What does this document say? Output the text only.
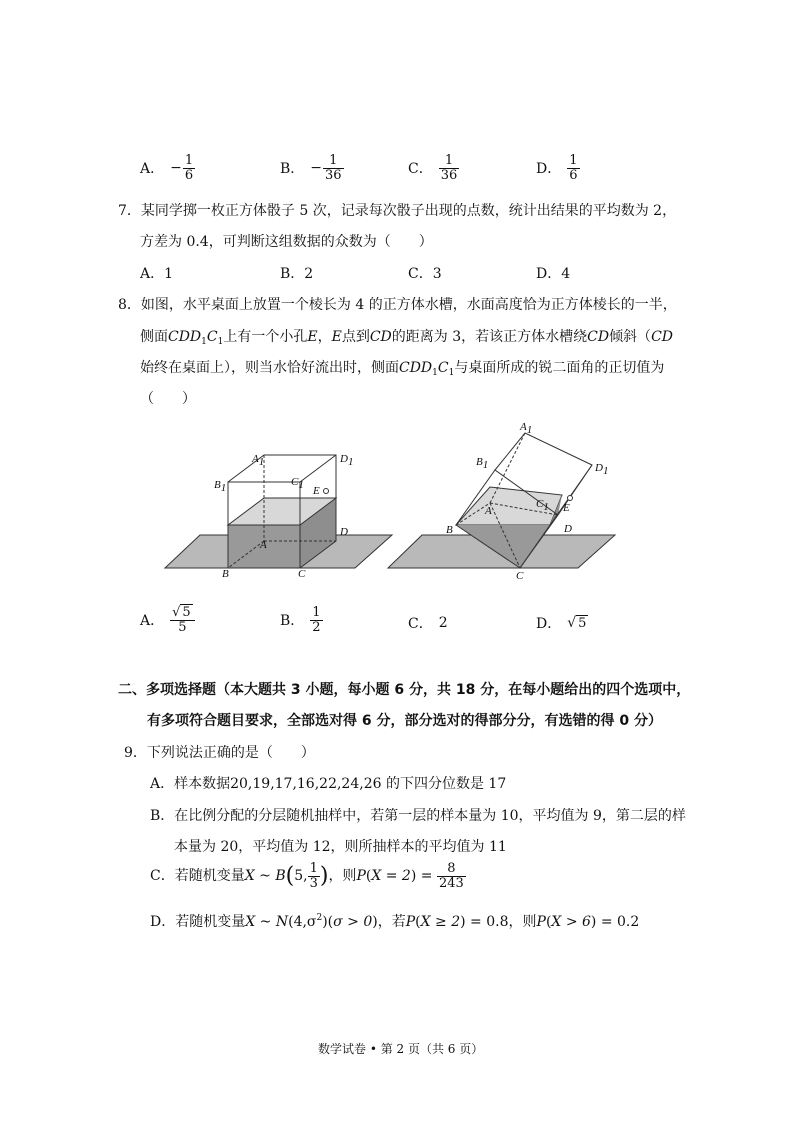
A． − $\frac{1}{6}$	B． − $\frac{1}{36}$	C． $\frac{1}{36}$	D． $\frac{1}{6}$
7．某同学掷一枚正方体骰子 5 次，记录每次骰子出现的点数，统计出结果的平均数为 2，
方差为 0.4，可判断这组数据的众数为（　　）
A．1	B．2	C．3	D．4
8．如图，水平桌面上放置一个棱长为 4 的正方体水槽，水面高度恰为正方体棱长的一半，
侧面$CDD_1C_1$上有一个小孔E，E点到CD的距离为 3，若该正方体水槽绕CD倾斜（CD
始终在桌面上），则当水恰好流出时，侧面$CDD_1C_1$与桌面所成的锐二面角的正切值为
（　　）
A1	D1
B1	C1 E
A
D
B	C
A1
B1	D1
C1 E
A
D
B
C
A． $\frac{√ 5}{5}$	B． $\frac{1}{2}$	C． 2	D． √ 5
二、多项选择题（本大题共 3 小题，每小题 6 分，共 18 分，在每小题给出的四个选项中，
有多项符合题目要求，全部选对得 6 分，部分选对的得部分分，有选错的得 0 分）
9．下列说法正确的是（　　）
A．样本数据20,19,17,16,22,24,26 的下四分位数是 17
B．在比例分配的分层随机抽样中，若第一层的样本量为 10，平均值为 9，第二层的样
本量为 20，平均值为 12，则所抽样本的平均值为 11
C．若随机变量X ~ B(5, $\frac{1}{3}$ )，则$P(X = 2) = \frac{8}{243}$
D．若随机变量X ~ $N(4,\sigma^2)(\sigma > 0)$，若P(X ≥ 2) = 0.8，则P(X > 6) = 0.2
数学试卷 • 第 2 页（共 6 页）
